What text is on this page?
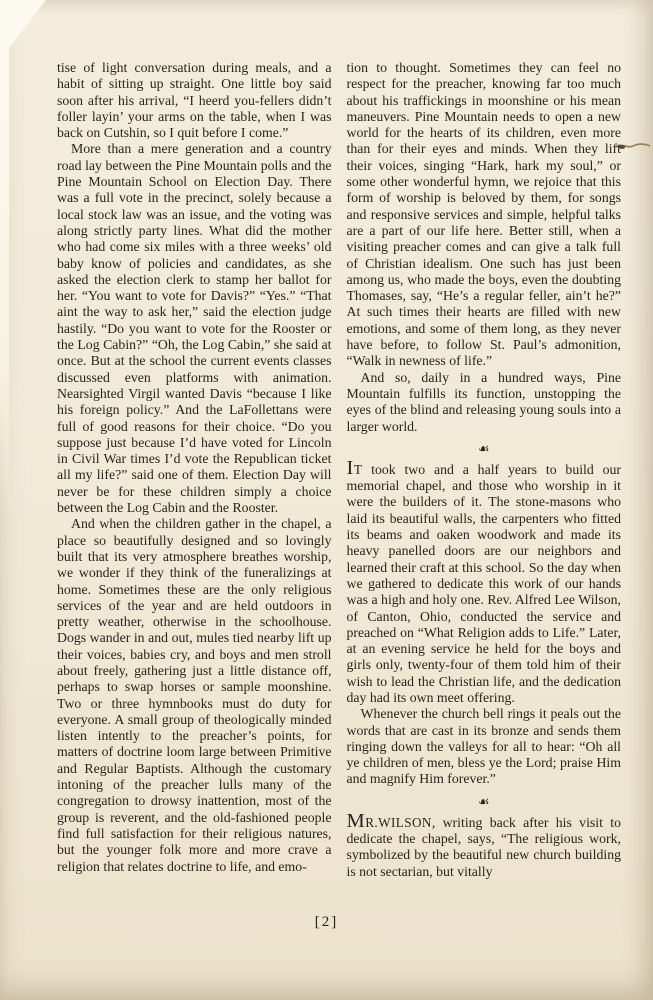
tise of light conversation during meals, and a habit of sitting up straight. One little boy said soon after his arrival, “I heerd you-fellers didn’t foller layin’ your arms on the table, when I was back on Cutshin, so I quit before I come.”

More than a mere generation and a country road lay between the Pine Mountain polls and the Pine Mountain School on Election Day. There was a full vote in the precinct, solely because a local stock law was an issue, and the voting was along strictly party lines. What did the mother who had come six miles with a three weeks’ old baby know of policies and candidates, as she asked the election clerk to stamp her ballot for her. “You want to vote for Davis?” “Yes.” “That aint the way to ask her,” said the election judge hastily. “Do you want to vote for the Rooster or the Log Cabin?” “Oh, the Log Cabin,” she said at once. But at the school the current events classes discussed even platforms with animation. Nearsighted Virgil wanted Davis “because I like his foreign policy.” And the LaFollettans were full of good reasons for their choice. “Do you suppose just because I’d have voted for Lincoln in Civil War times I’d vote the Republican ticket all my life?” said one of them. Election Day will never be for these children simply a choice between the Log Cabin and the Rooster.

And when the children gather in the chapel, a place so beautifully designed and so lovingly built that its very atmosphere breathes worship, we wonder if they think of the funeralizings at home. Sometimes these are the only religious services of the year and are held outdoors in pretty weather, otherwise in the schoolhouse. Dogs wander in and out, mules tied nearby lift up their voices, babies cry, and boys and men stroll about freely, gathering just a little distance off, perhaps to swap horses or sample moonshine. Two or three hymnbooks must do duty for everyone. A small group of theologically minded listen intently to the preacher’s points, for matters of doctrine loom large between Primitive and Regular Baptists. Although the customary intoning of the preacher lulls many of the congregation to drowsy inattention, most of the group is reverent, and the old-fashioned people find full satisfaction for their religious natures, but the younger folk more and more crave a religion that relates doctrine to life, and emo-

tion to thought. Sometimes they can feel no respect for the preacher, knowing far too much about his traffickings in moonshine or his mean maneuvers. Pine Mountain needs to open a new world for the hearts of its children, even more than for their eyes and minds. When they lift their voices, singing “Hark, hark my soul,” or some other wonderful hymn, we rejoice that this form of worship is beloved by them, for songs and responsive services and simple, helpful talks are a part of our life here. Better still, when a visiting preacher comes and can give a talk full of Christian idealism. One such has just been among us, who made the boys, even the doubting Thomases, say, “He’s a regular feller, ain’t he?” At such times their hearts are filled with new emotions, and some of them long, as they never have before, to follow St. Paul’s admonition, “Walk in newness of life.”

And so, daily in a hundred ways, Pine Mountain fulfills its function, unstopping the eyes of the blind and releasing young souls into a larger world.

☙

IT took two and a half years to build our memorial chapel, and those who worship in it were the builders of it. The stone-masons who laid its beautiful walls, the carpenters who fitted its beams and oaken woodwork and made its heavy panelled doors are our neighbors and learned their craft at this school. So the day when we gathered to dedicate this work of our hands was a high and holy one. Rev. Alfred Lee Wilson, of Canton, Ohio, conducted the service and preached on “What Religion adds to Life.” Later, at an evening service he held for the boys and girls only, twenty-four of them told him of their wish to lead the Christian life, and the dedication day had its own meet offering.

Whenever the church bell rings it peals out the words that are cast in its bronze and sends them ringing down the valleys for all to hear: “Oh all ye children of men, bless ye the Lord; praise Him and magnify Him forever.”

☙

MR.WILSON, writing back after his visit to dedicate the chapel, says, “The religious work, symbolized by the beautiful new church building is not sectarian, but vitally

[2]
